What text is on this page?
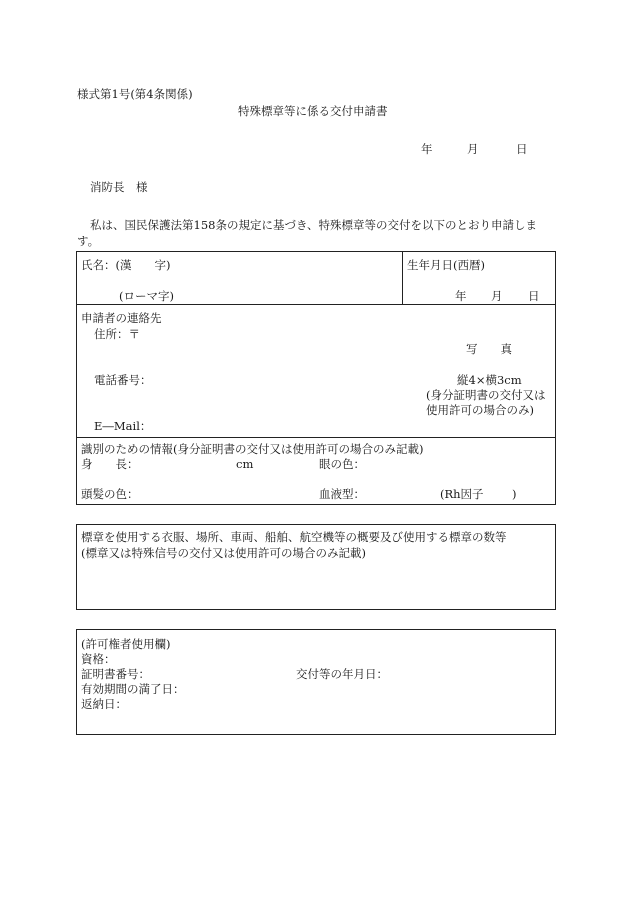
様式第1号(第4条関係)
特殊標章等に係る交付申請書
年	月	日
消防長　様
私は、国民保護法第158条の規定に基づき、特殊標章等の交付を以下のとおり申請しま
す。
氏名：(漢　　字)
(ローマ字)
生年月日(西暦)
年 月 日
申請者の連絡先
住所：〒
写　　真
電話番号：	縦4×横3cm
(身分証明書の交付又は
使用許可の場合のみ)
E―Mail：
識別のための情報(身分証明書の交付又は使用許可の場合のみ記載)
身　　長：	cm	眼の色：
頭髪の色：	血液型：	(Rh因子 )
標章を使用する衣服、場所、車両、船舶、航空機等の概要及び使用する標章の数等
(標章又は特殊信号の交付又は使用許可の場合のみ記載)
(許可権者使用欄)
資格：
証明書番号：	交付等の年月日：
有効期間の満了日：
返納日：
